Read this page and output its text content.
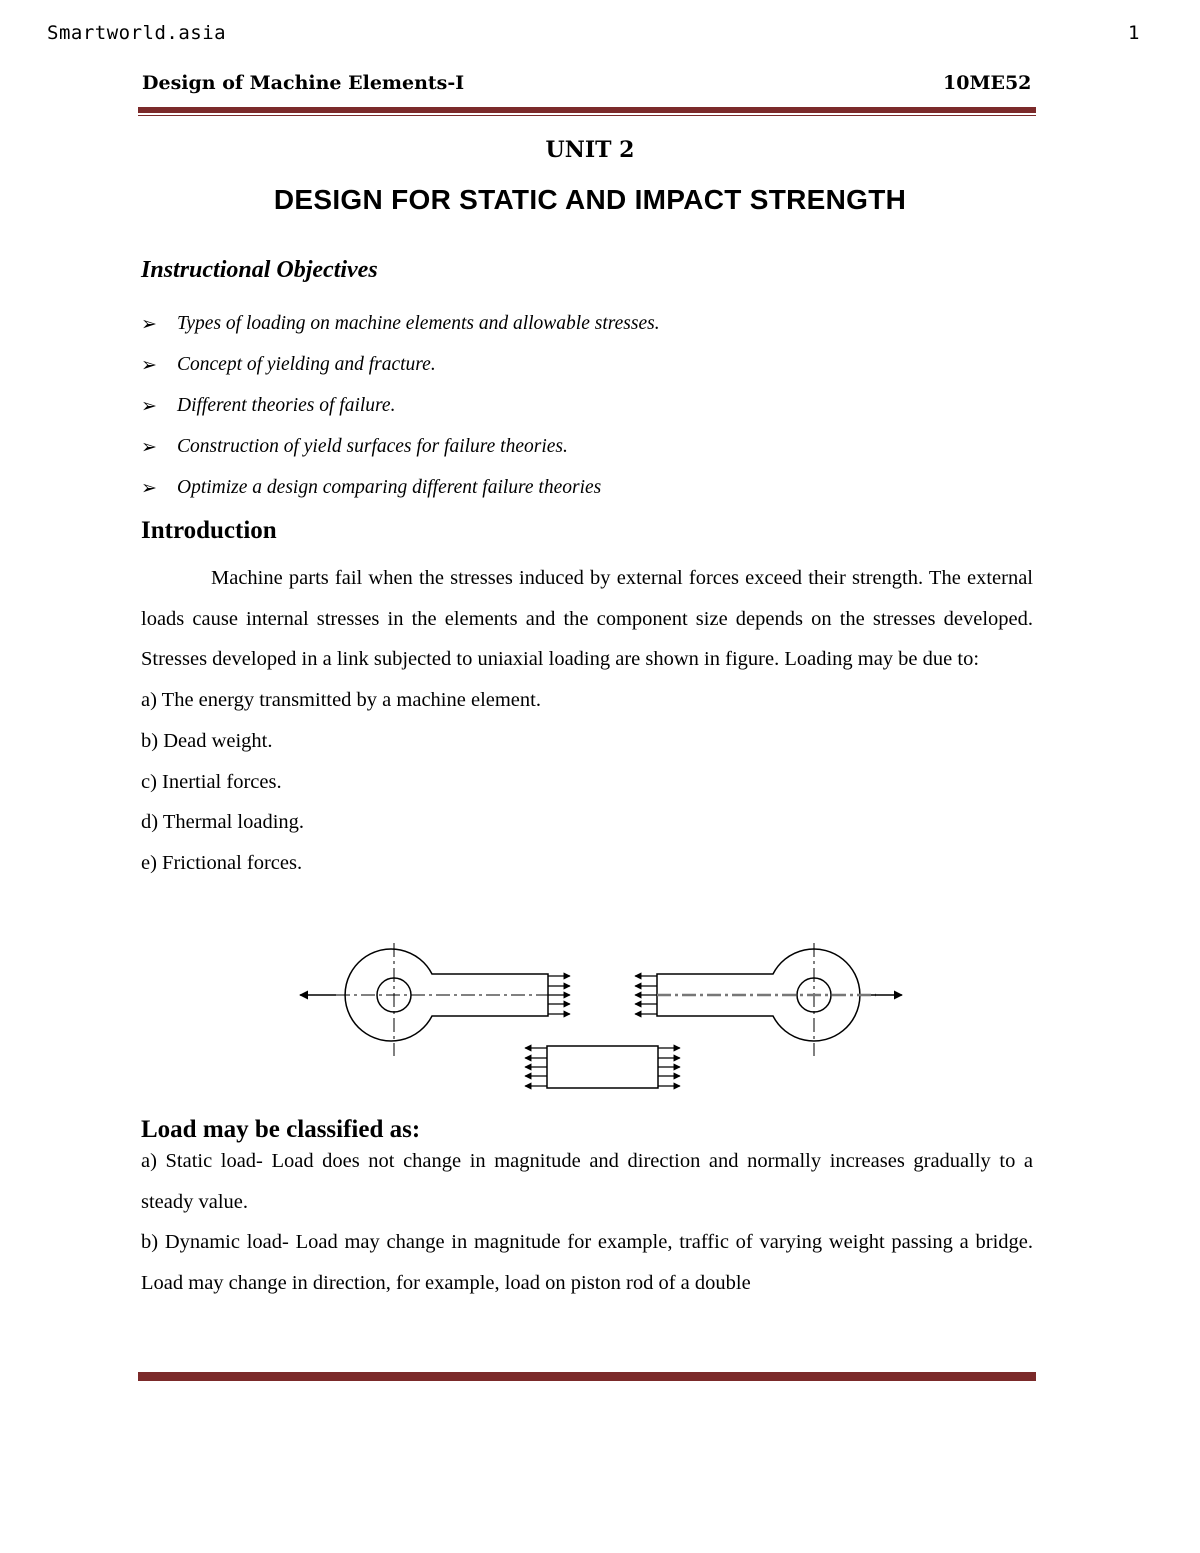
Smartworld.asia	1
Design of Machine Elements-I	10ME52
UNIT 2
DESIGN FOR STATIC AND IMPACT STRENGTH
Instructional Objectives
➢	Types of loading on machine elements and allowable stresses.
➢	Concept of yielding and fracture.
➢	Different theories of failure.
➢	Construction of yield surfaces for failure theories.
➢	Optimize a design comparing different failure theories
Introduction

Machine parts fail when the stresses induced by external forces exceed their strength. The external loads cause internal stresses in the elements and the component size depends on the stresses developed. Stresses developed in a link subjected to uniaxial loading are shown in figure. Loading may be due to:

a) The energy transmitted by a machine element.

b) Dead weight.

c) Inertial forces.

d) Thermal loading.

e) Frictional forces.

Load may be classified as:

a) Static load- Load does not change in magnitude and direction and normally increases gradually to a steady value.

b) Dynamic load- Load may change in magnitude for example, traffic of varying weight passing a bridge. Load may change in direction, for example, load on piston rod of a double
